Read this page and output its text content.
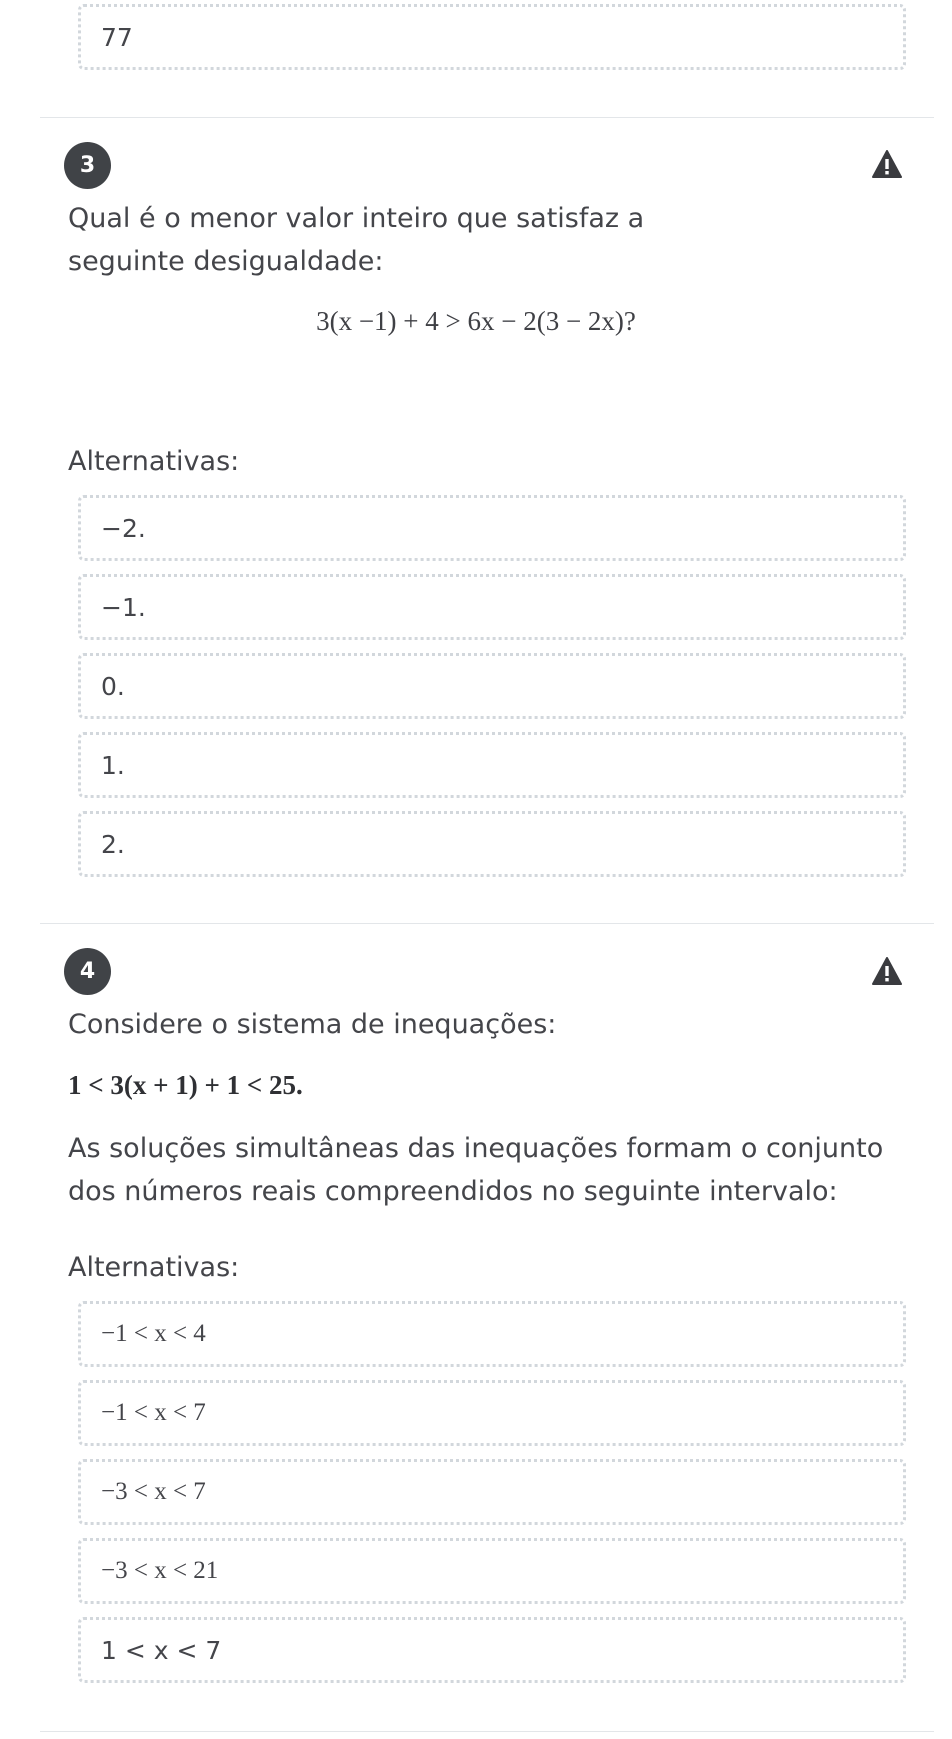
77
3

Qual é o menor valor inteiro que satisfaz a seguinte desigualdade:

3(x −1) + 4 > 6x − 2(3 − 2x)?
Alternativas:
−2.
−1.
0.
1.
2.
4

Considere o sistema de inequações:

1 < 3(x + 1) + 1 < 25.

As soluções simultâneas das inequações formam o conjunto dos números reais compreendidos no seguinte intervalo:

Alternativas:
−1 < x < 4
−1 < x < 7
−3 < x < 7
−3 < x < 21
1 < x < 7
